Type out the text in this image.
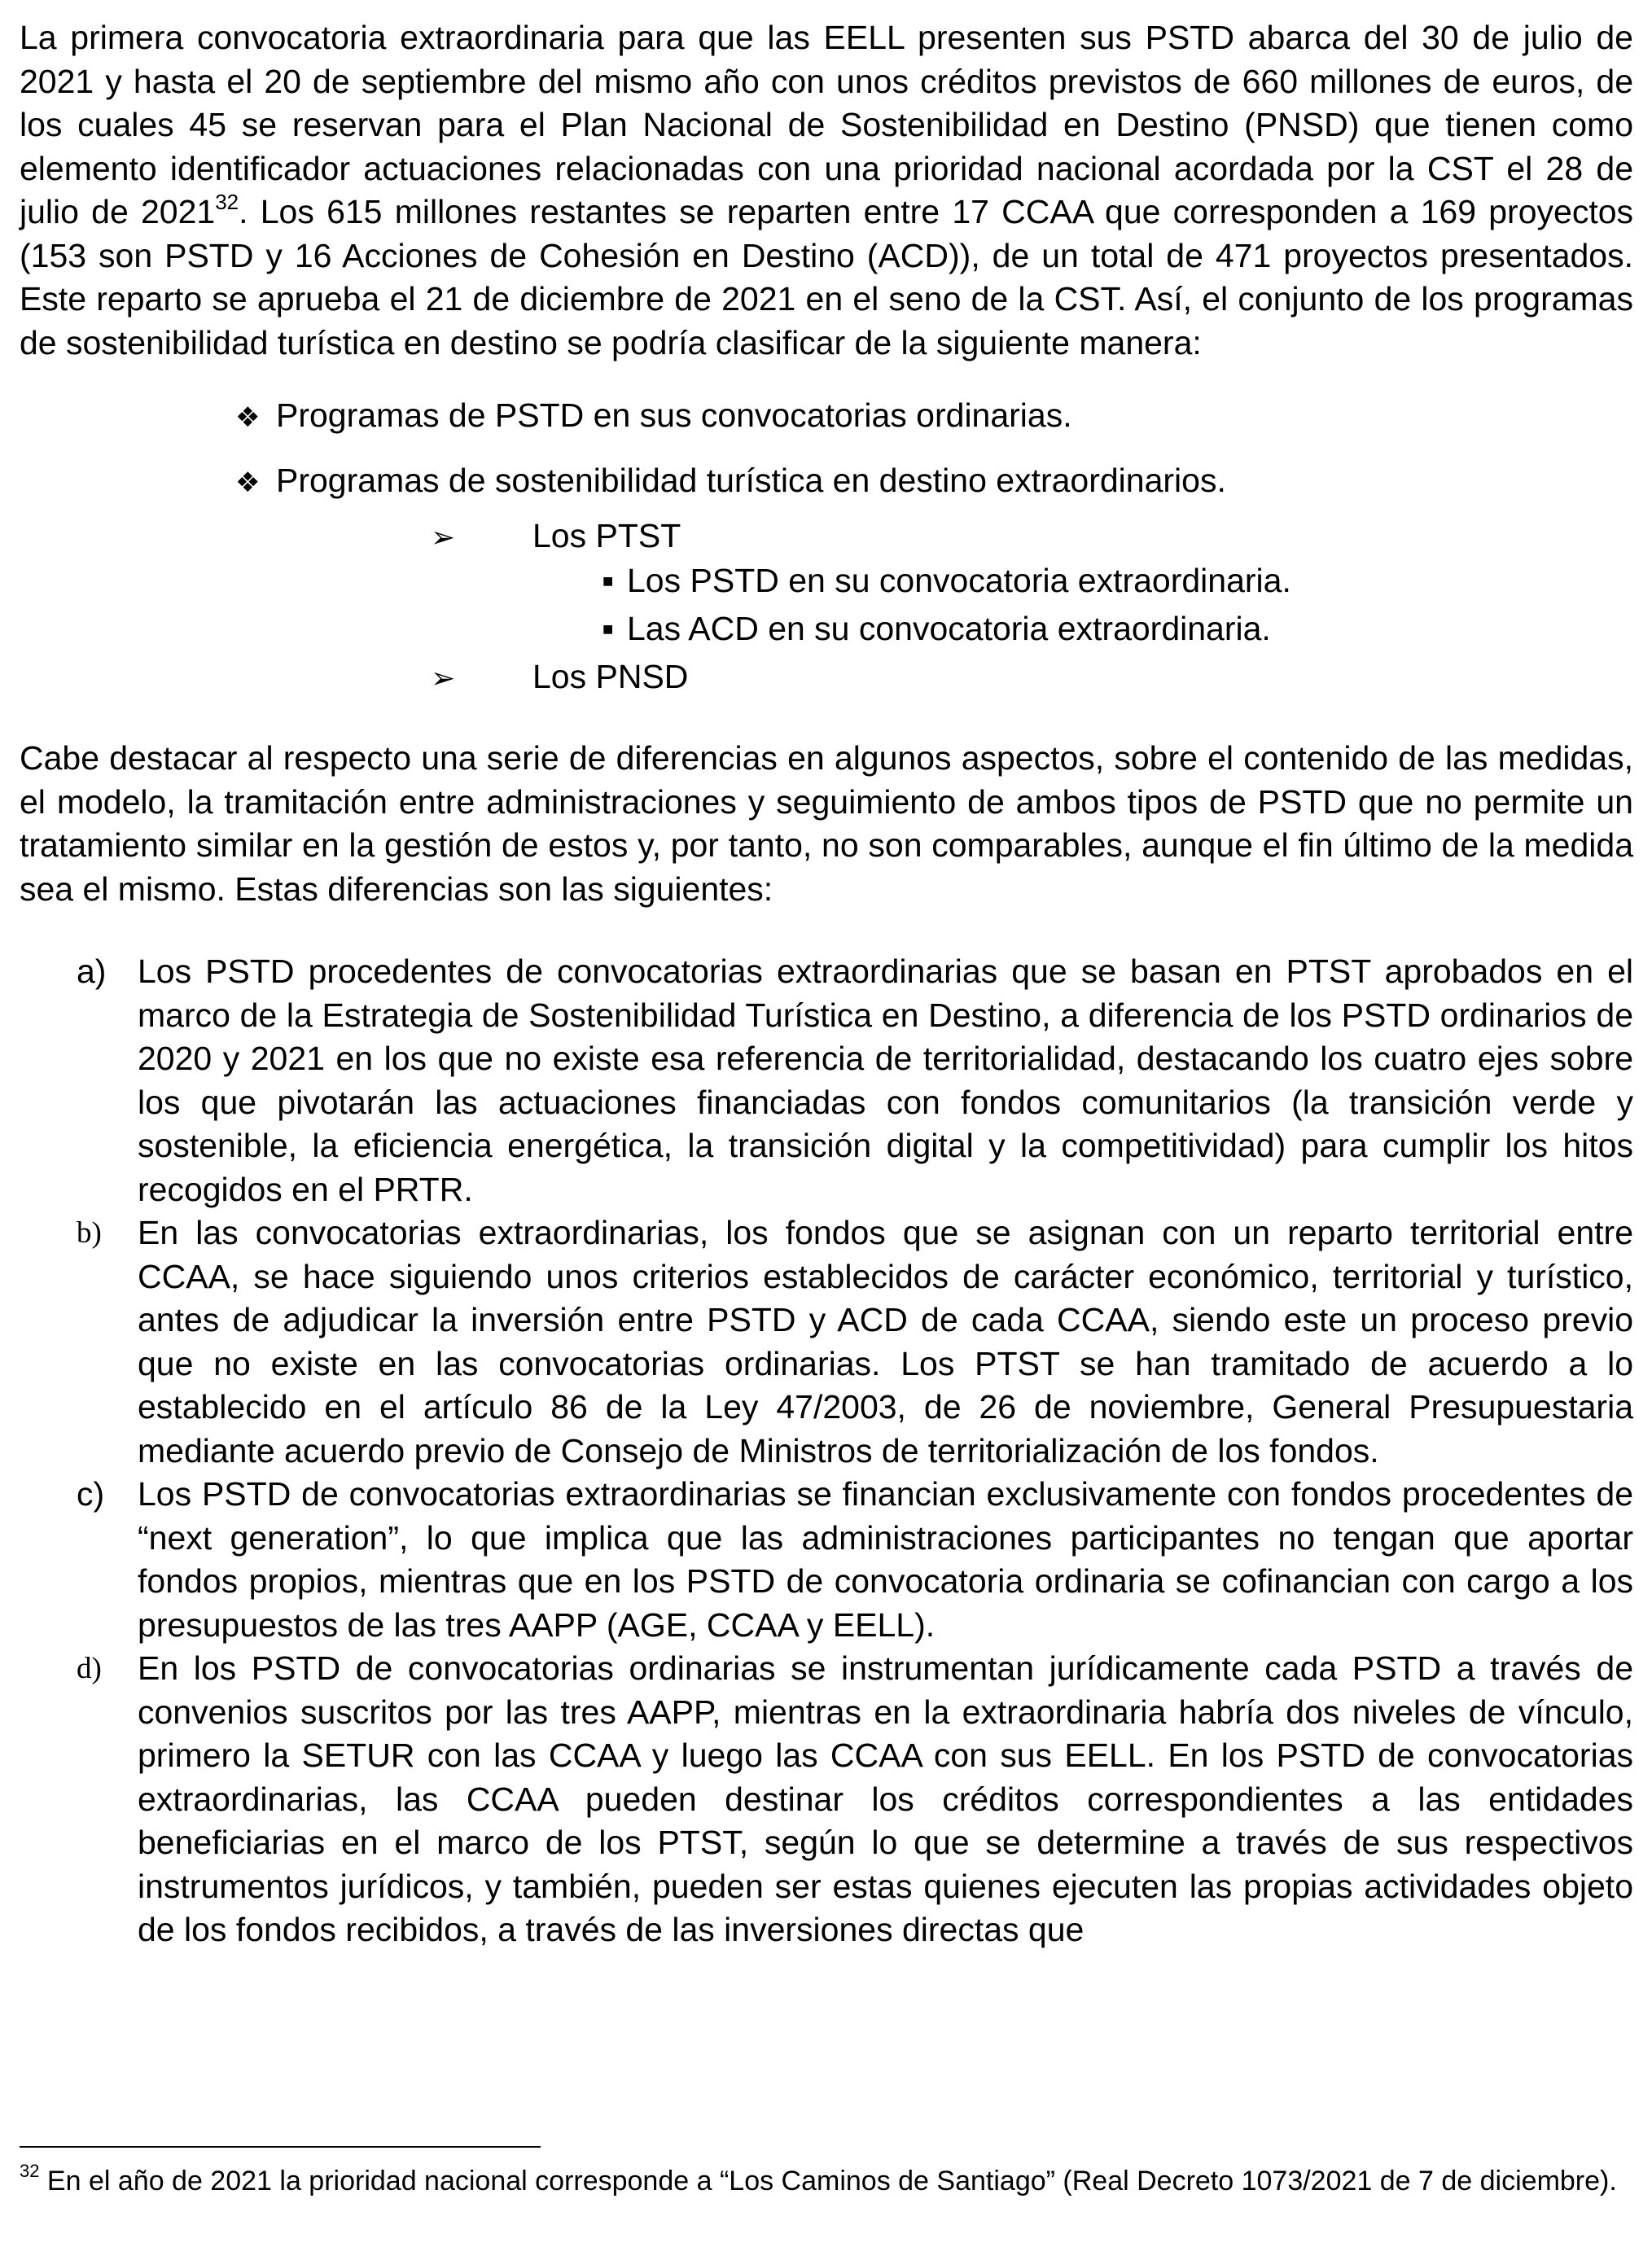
La primera convocatoria extraordinaria para que las EELL presenten sus PSTD abarca del 30 de julio de 2021 y hasta el 20 de septiembre del mismo año con unos créditos previstos de 660 millones de euros, de los cuales 45 se reservan para el Plan Nacional de Sostenibilidad en Destino (PNSD) que tienen como elemento identificador actuaciones relacionadas con una prioridad nacional acordada por la CST el 28 de julio de 2021$^{32}$. Los 615 millones restantes se reparten entre 17 CCAA que corresponden a 169 proyectos (153 son PSTD y 16 Acciones de Cohesión en Destino (ACD)), de un total de 471 proyectos presentados. Este reparto se aprueba el 21 de diciembre de 2021 en el seno de la CST. Así, el conjunto de los programas de sostenibilidad turística en destino se podría clasificar de la siguiente manera:

❖ Programas de PSTD en sus convocatorias ordinarias.
❖ Programas de sostenibilidad turística en destino extraordinarios.
➢	Los PTST
■ Los PSTD en su convocatoria extraordinaria.
■ Las ACD en su convocatoria extraordinaria.
➢	Los PNSD

Cabe destacar al respecto una serie de diferencias en algunos aspectos, sobre el contenido de las medidas, el modelo, la tramitación entre administraciones y seguimiento de ambos tipos de PSTD que no permite un tratamiento similar en la gestión de estos y, por tanto, no son comparables, aunque el fin último de la medida sea el mismo. Estas diferencias son las siguientes:

a) Los PSTD procedentes de convocatorias extraordinarias que se basan en PTST aprobados en el marco de la Estrategia de Sostenibilidad Turística en Destino, a diferencia de los PSTD ordinarios de 2020 y 2021 en los que no existe esa referencia de territorialidad, destacando los cuatro ejes sobre los que pivotarán las actuaciones financiadas con fondos comunitarios (la transición verde y sostenible, la eficiencia energética, la transición digital y la competitividad) para cumplir los hitos recogidos en el PRTR.
b)	En las convocatorias extraordinarias, los fondos que se asignan con un reparto territorial entre CCAA, se hace siguiendo unos criterios establecidos de carácter económico, territorial y turístico, antes de adjudicar la inversión entre PSTD y ACD de cada CCAA, siendo este un proceso previo que no existe en las convocatorias ordinarias. Los PTST se han tramitado de acuerdo a lo establecido en el artículo 86 de la Ley 47/2003, de 26 de noviembre, General Presupuestaria mediante acuerdo previo de Consejo de Ministros de territorialización de los fondos.
c) Los PSTD de convocatorias extraordinarias se financian exclusivamente con fondos procedentes de “next generation”, lo que implica que las administraciones participantes no tengan que aportar fondos propios, mientras que en los PSTD de convocatoria ordinaria se cofinancian con cargo a los presupuestos de las tres AAPP (AGE, CCAA y EELL).
d)	En los PSTD de convocatorias ordinarias se instrumentan jurídicamente cada PSTD a través de convenios suscritos por las tres AAPP, mientras en la extraordinaria habría dos niveles de vínculo, primero la SETUR con las CCAA y luego las CCAA con sus EELL. En los PSTD de convocatorias extraordinarias, las CCAA pueden destinar los créditos correspondientes a las entidades beneficiarias en el marco de los PTST, según lo que se determine a través de sus respectivos instrumentos jurídicos, y también, pueden ser estas quienes ejecuten las propias actividades objeto de los fondos recibidos, a través de las inversiones directas que

$^{32}$ En el año de 2021 la prioridad nacional corresponde a “Los Caminos de Santiago” (Real Decreto 1073/2021 de 7 de diciembre).
